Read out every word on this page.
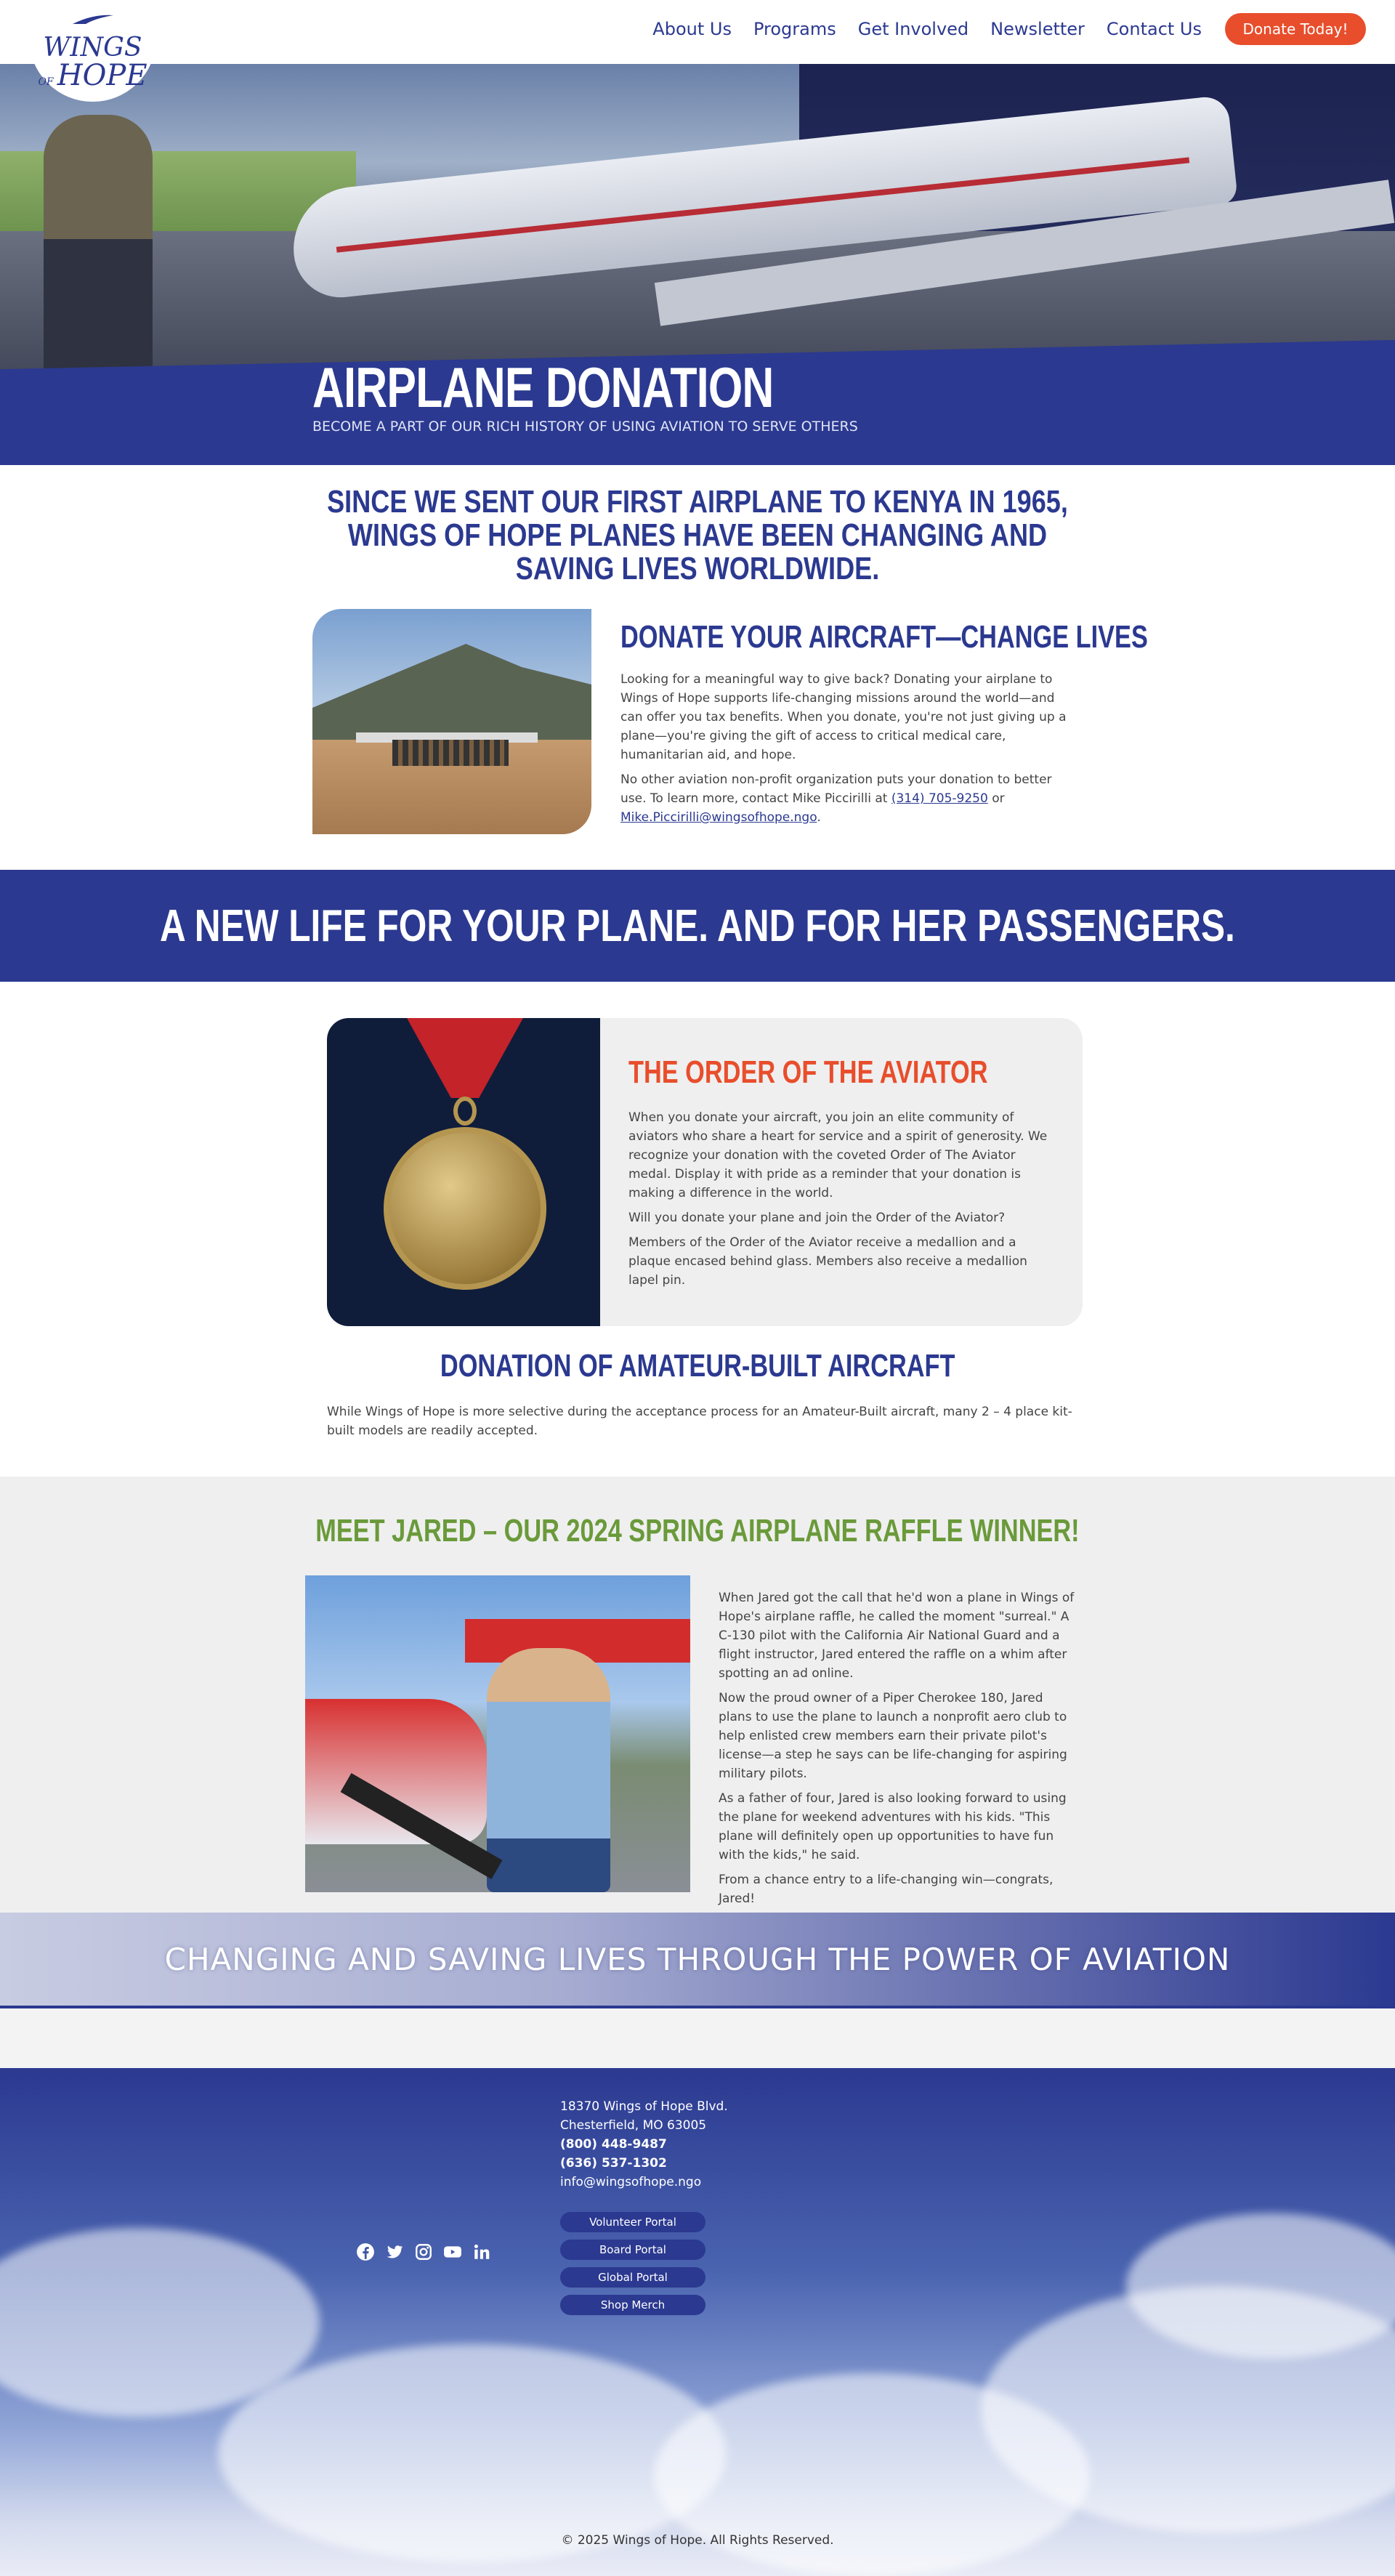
About Us Programs Get Involved Newsletter Contact Us	Donate Today!
WINGS
OF HOPE
AIRPLANE DONATION
BECOME A PART OF OUR RICH HISTORY OF USING AVIATION TO SERVE OTHERS
SINCE WE SENT OUR FIRST AIRPLANE TO KENYA IN 1965, WINGS OF HOPE PLANES HAVE BEEN CHANGING AND SAVING LIVES WORLDWIDE.
DONATE YOUR AIRCRAFT—CHANGE LIVES

Looking for a meaningful way to give back? Donating your airplane to Wings of Hope supports life-changing missions around the world—and can offer you tax benefits. When you donate, you're not just giving up a plane—you're giving the gift of access to critical medical care, humanitarian aid, and hope.

No other aviation non-profit organization puts your donation to better use. To learn more, contact Mike Piccirilli at (314) 705-9250 or Mike.Piccirilli@wingsofhope.ngo.

A NEW LIFE FOR YOUR PLANE. AND FOR HER PASSENGERS.
THE ORDER OF THE AVIATOR

When you donate your aircraft, you join an elite community of aviators who share a heart for service and a spirit of generosity. We recognize your donation with the coveted Order of The Aviator medal. Display it with pride as a reminder that your donation is making a difference in the world.

Will you donate your plane and join the Order of the Aviator?

Members of the Order of the Aviator receive a medallion and a plaque encased behind glass. Members also receive a medallion lapel pin.

DONATION OF AMATEUR-BUILT AIRCRAFT

While Wings of Hope is more selective during the acceptance process for an Amateur-Built aircraft, many 2 – 4 place kit-built models are readily accepted.

MEET JARED – OUR 2024 SPRING AIRPLANE RAFFLE WINNER!

When Jared got the call that he'd won a plane in Wings of Hope's airplane raffle, he called the moment "surreal." A C-130 pilot with the California Air National Guard and a flight instructor, Jared entered the raffle on a whim after spotting an ad online.

Now the proud owner of a Piper Cherokee 180, Jared plans to use the plane to launch a nonprofit aero club to help enlisted crew members earn their private pilot's license—a step he says can be life-changing for aspiring military pilots.

As a father of four, Jared is also looking forward to using the plane for weekend adventures with his kids. "This plane will definitely open up opportunities to have fun with the kids," he said.

From a chance entry to a life-changing win—congrats, Jared!

CHANGING AND SAVING LIVES THROUGH THE POWER OF AVIATION
18370 Wings of Hope Blvd.
Chesterfield, MO 63005
(800) 448-9487
(636) 537-1302
info@wingsofhope.ngo
Volunteer Portal
Board Portal
Global Portal
Shop Merch
© 2025 Wings of Hope. All Rights Reserved.
